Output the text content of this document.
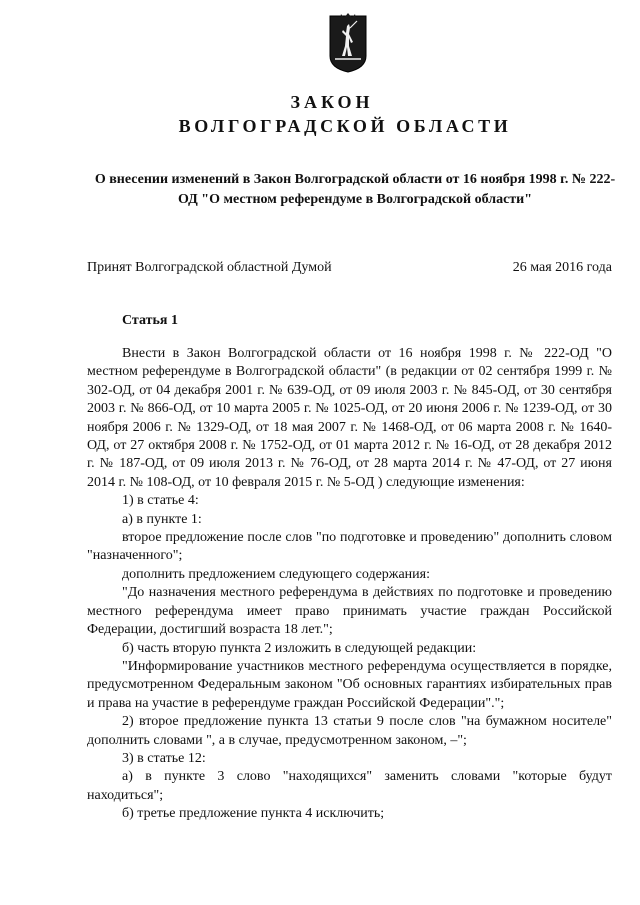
ЗАКОН
ВОЛГОГРАДСКОЙ ОБЛАСТИ

О внесении изменений в Закон Волгоградской области от 16 ноября 1998 г. № 222-ОД "О местном референдуме в Волгоградской области"

Принят Волгоградской областной Думой	26 мая 2016 года
Статья 1

Внести в Закон Волгоградской области от 16 ноября 1998 г. № 222-ОД "О местном референдуме в Волгоградской области" (в редакции от 02 сентября 1999 г. № 302-ОД, от 04 декабря 2001 г. № 639-ОД, от 09 июля 2003 г. № 845-ОД, от 30 сентября 2003 г. № 866-ОД, от 10 марта 2005 г. № 1025-ОД, от 20 июня 2006 г. № 1239-ОД, от 30 ноября 2006 г. № 1329-ОД, от 18 мая 2007 г. № 1468-ОД, от 06 марта 2008 г. № 1640-ОД, от 27 октября 2008 г. № 1752-ОД, от 01 марта 2012 г. № 16-ОД, от 28 декабря 2012 г. № 187-ОД, от 09 июля 2013 г. № 76-ОД, от 28 марта 2014 г. № 47-ОД, от 27 июня 2014 г. № 108-ОД, от 10 февраля 2015 г. № 5-ОД ) следующие изменения:

1) в статье 4:

а) в пункте 1:

второе предложение после слов "по подготовке и проведению" дополнить словом "назначенного";

дополнить предложением следующего содержания:

"До назначения местного референдума в действиях по подготовке и проведению местного референдума имеет право принимать участие граждан Российской Федерации, достигший возраста 18 лет.";

б) часть вторую пункта 2 изложить в следующей редакции:

"Информирование участников местного референдума осуществляется в порядке, предусмотренном Федеральным законом "Об основных гарантиях избирательных прав и права на участие в референдуме граждан Российской Федерации".";

2) второе предложение пункта 13 статьи 9 после слов "на бумажном носителе" дополнить словами ", а в случае, предусмотренном законом, –";

3) в статье 12:

а) в пункте 3 слово "находящихся" заменить словами "которые будут находиться";

б) третье предложение пункта 4 исключить;
